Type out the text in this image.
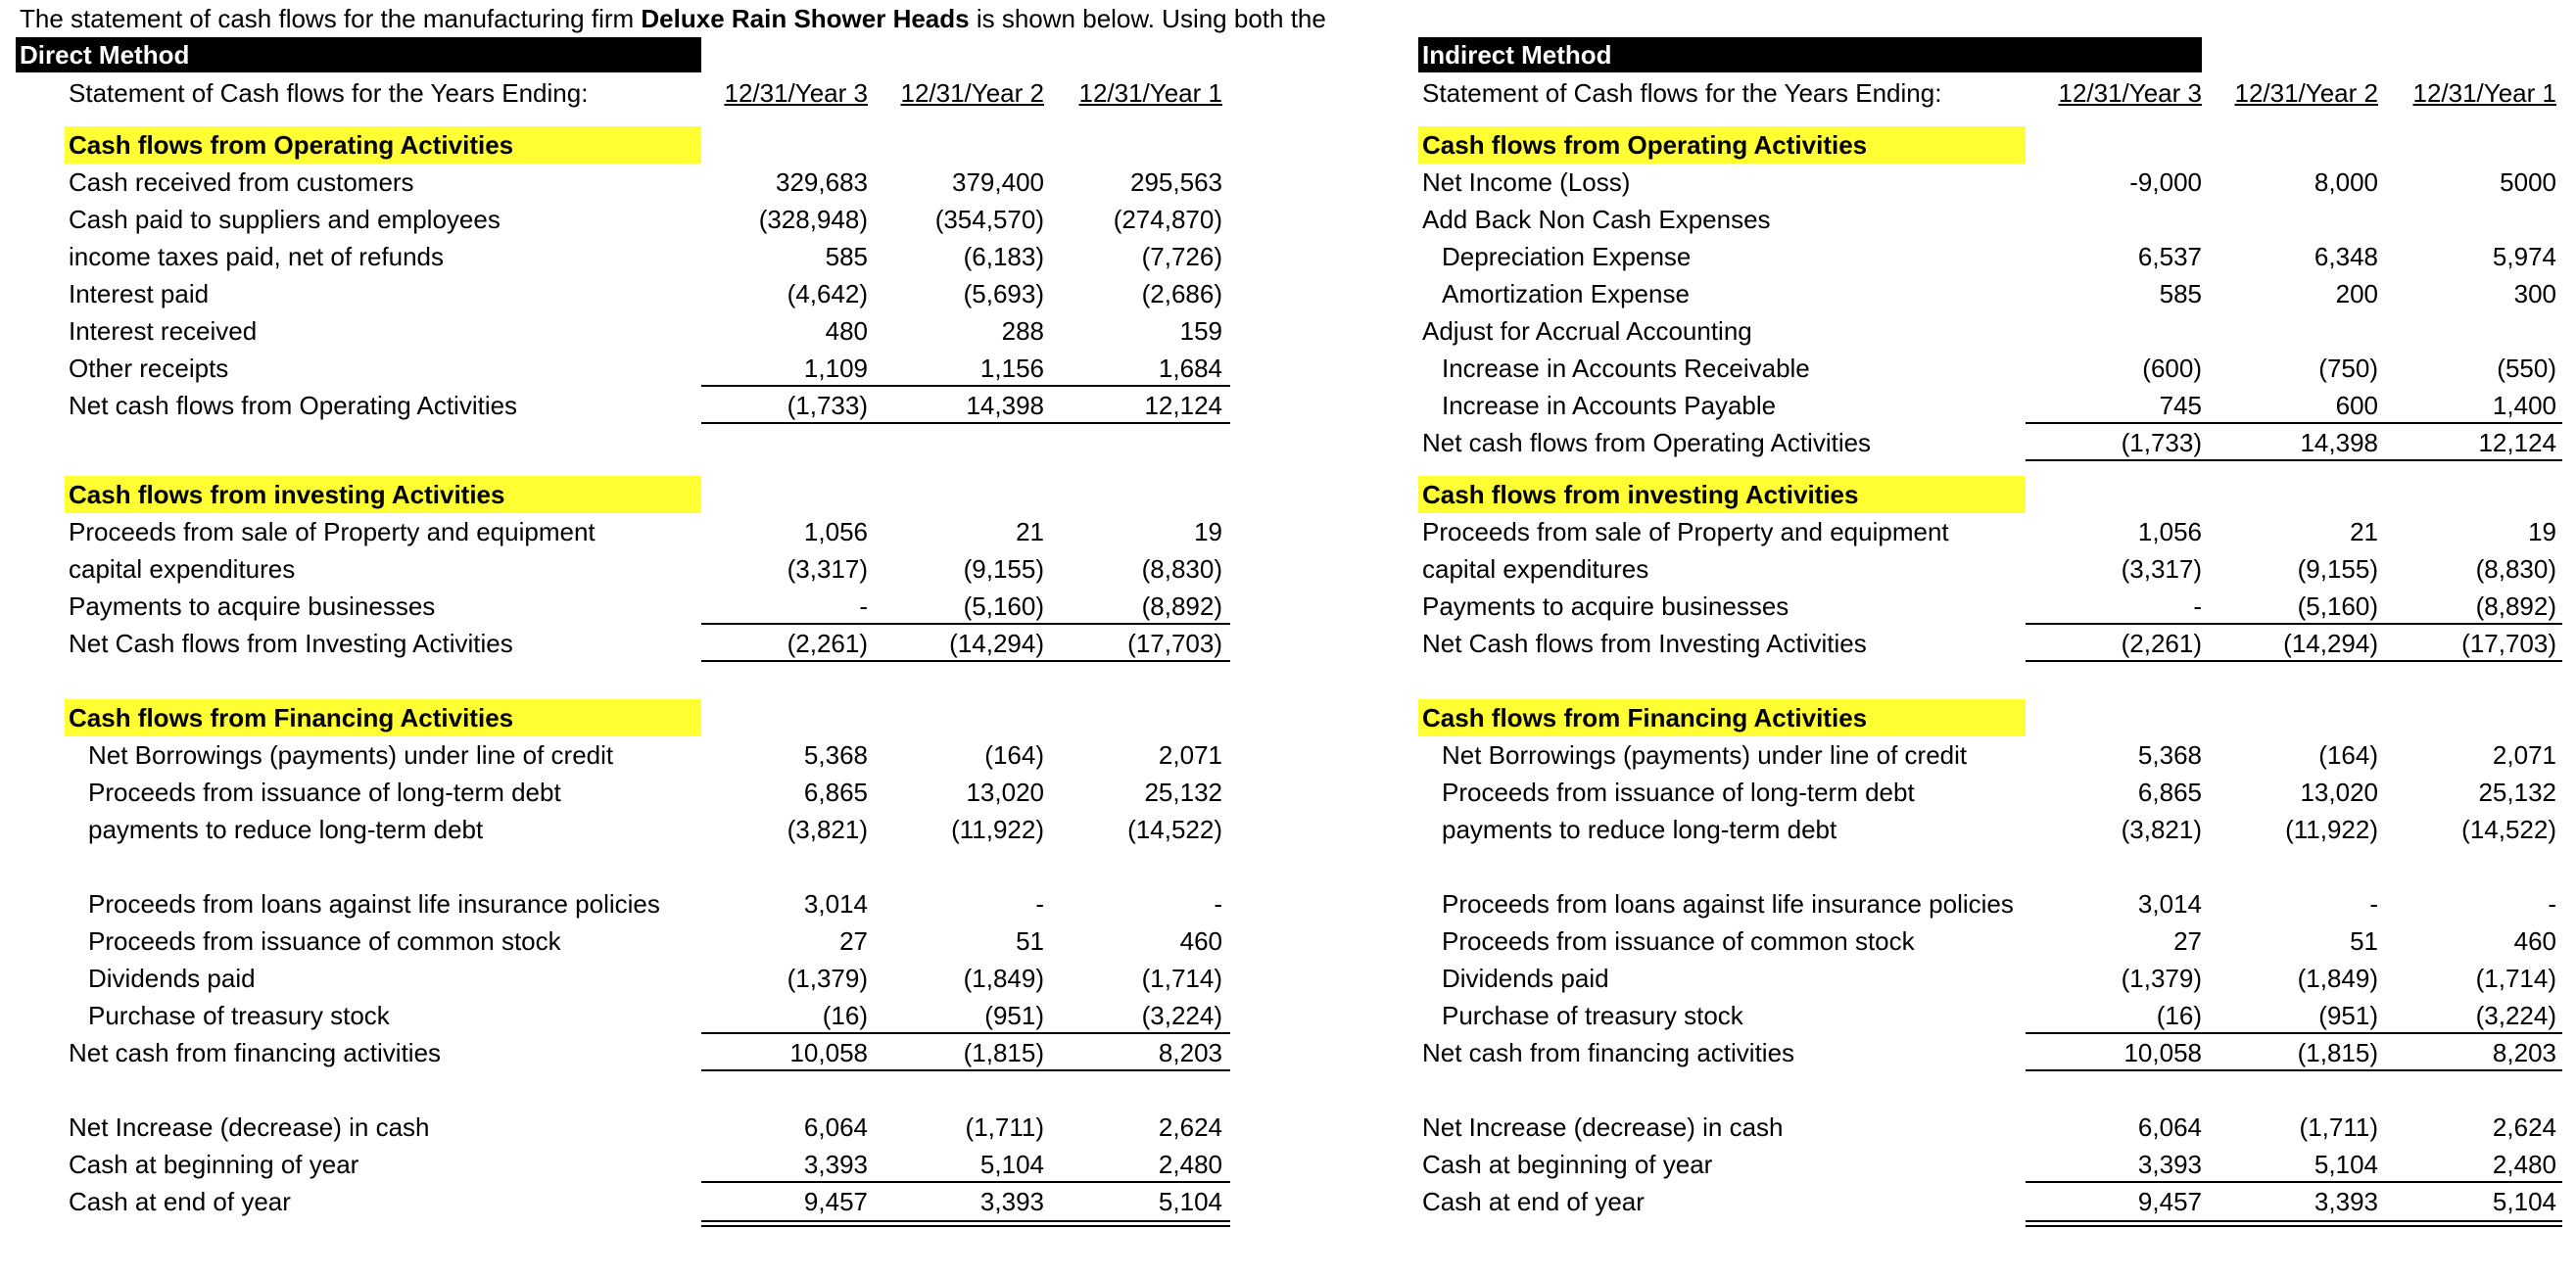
The statement of cash flows for the manufacturing firm Deluxe Rain Shower Heads is shown below. Using both the
Direct Method
Statement of Cash flows for the Years Ending:	12/31/Year 3	12/31/Year 2	12/31/Year 1
Cash flows from Operating Activities
Cash received from customers	329,683	379,400	295,563
Cash paid to suppliers and employees	(328,948)	(354,570)	(274,870)
income taxes paid, net of refunds	585	(6,183)	(7,726)
Interest paid	(4,642)	(5,693)	(2,686)
Interest received	480	288	159
Other receipts	1,109	1,156	1,684
Net cash flows from Operating Activities	(1,733)	14,398	12,124
Cash flows from investing Activities
Proceeds from sale of Property and equipment	1,056	21	19
capital expenditures	(3,317)	(9,155)	(8,830)
Payments to acquire businesses	-	(5,160)	(8,892)
Net Cash flows from Investing Activities	(2,261)	(14,294)	(17,703)
Cash flows from Financing Activities
Net Borrowings (payments) under line of credit	5,368	(164)	2,071
Proceeds from issuance of long-term debt	6,865	13,020	25,132
payments to reduce long-term debt	(3,821)	(11,922)	(14,522)
Proceeds from loans against life insurance policies	3,014	-	-
Proceeds from issuance of common stock	27	51	460
Dividends paid	(1,379)	(1,849)	(1,714)
Purchase of treasury stock	(16)	(951)	(3,224)
Net cash from financing activities	10,058	(1,815)	8,203
Net Increase (decrease) in cash	6,064	(1,711)	2,624
Cash at beginning of year	3,393	5,104	2,480
Cash at end of year	9,457	3,393	5,104
Indirect Method
Statement of Cash flows for the Years Ending:	12/31/Year 3	12/31/Year 2	12/31/Year 1
Cash flows from Operating Activities
Net Income (Loss)	-9,000	8,000	5000
Add Back Non Cash Expenses
Depreciation Expense	6,537	6,348	5,974
Amortization Expense	585	200	300
Adjust for Accrual Accounting
Increase in Accounts Receivable	(600)	(750)	(550)
Increase in Accounts Payable	745	600	1,400
Net cash flows from Operating Activities	(1,733)	14,398	12,124
Cash flows from investing Activities
Proceeds from sale of Property and equipment	1,056	21	19
capital expenditures	(3,317)	(9,155)	(8,830)
Payments to acquire businesses	-	(5,160)	(8,892)
Net Cash flows from Investing Activities	(2,261)	(14,294)	(17,703)
Cash flows from Financing Activities
Net Borrowings (payments) under line of credit	5,368	(164)	2,071
Proceeds from issuance of long-term debt	6,865	13,020	25,132
payments to reduce long-term debt	(3,821)	(11,922)	(14,522)
Proceeds from loans against life insurance policies	3,014	-	-
Proceeds from issuance of common stock	27	51	460
Dividends paid	(1,379)	(1,849)	(1,714)
Purchase of treasury stock	(16)	(951)	(3,224)
Net cash from financing activities	10,058	(1,815)	8,203
Net Increase (decrease) in cash	6,064	(1,711)	2,624
Cash at beginning of year	3,393	5,104	2,480
Cash at end of year	9,457	3,393	5,104
